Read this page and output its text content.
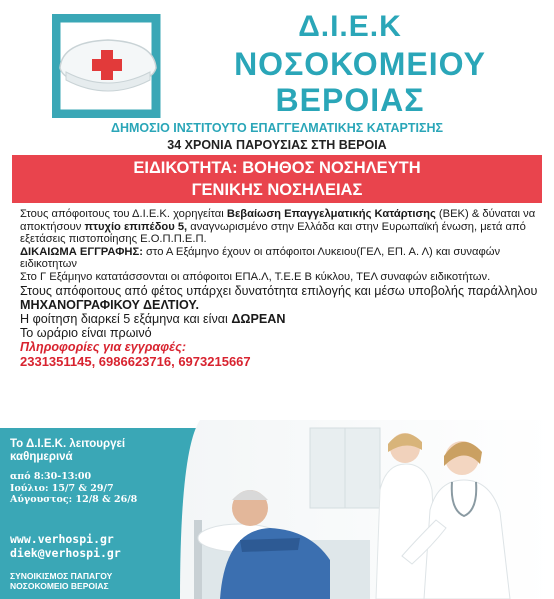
Δ.Ι.Ε.Κ
ΝΟΣΟΚΟΜΕΙΟΥ
ΒΕΡΟΙΑΣ
ΔΗΜΟΣΙΟ ΙΝΣΤΙΤΟΥΤΟ ΕΠΑΓΓΕΛΜΑΤΙΚΗΣ ΚΑΤΑΡΤΙΣΗΣ
34 ΧΡΟΝΙΑ ΠΑΡΟΥΣΙΑΣ ΣΤΗ ΒΕΡΟΙΑ
ΕΙΔΙΚΟΤΗΤΑ: ΒΟΗΘΟΣ ΝΟΣΗΛΕΥΤΗ
ΓΕΝΙΚΗΣ ΝΟΣΗΛΕΙΑΣ

Στους απόφοιτους του Δ.Ι.Ε.Κ. χορηγείται Βεβαίωση Επαγγελματικής Κατάρτισης (ΒΕΚ) & δύναται να αποκτήσουν πτυχίο επιπέδου 5, αναγνωρισμένο στην Ελλάδα και στην Ευρωπαϊκή ένωση, μετά από εξετάσεις πιστοποίησης Ε.Ο.Π.Π.Ε.Π.

ΔΙΚΑΙΩΜΑ ΕΓΓΡΑΦΗΣ: στο Α Εξάμηνο έχουν οι απόφοιτοι Λυκειου(ΓΕΛ, ΕΠ. Α. Λ) και συναφών ειδικοτητων

Στο Γ Εξάμηνο κατατάσσονται οι απόφοιτοι ΕΠΑ.Λ, Τ.Ε.Ε Β κύκλου, ΤΕΛ συναφών ειδικοτήτων.

Στους απόφοιτους από φέτος υπάρχει δυνατότητα επιλογής και μέσω υποβολής παράλληλου ΜΗΧΑΝΟΓΡΑΦΙΚΟΥ ΔΕΛΤΙΟΥ.

Η φοίτηση διαρκεί 5 εξάμηνα και είναι ΔΩΡΕΑΝ

Το ωράριο είναι πρωινό

Πληροφορίες για εγγραφές:

2331351145, 6986623716, 6973215667

Το Δ.Ι.Ε.Κ. λειτουργεί καθημερινά
από 8:30-13:00
Ιούλιο: 15/7 & 29/7
Αύγουστος: 12/8 & 26/8
www.verhospi.gr
diek@verhospi.gr
ΣΥΝΟΙΚΙΣΜΟΣ ΠΑΠΑΓΟΥ
ΝΟΣΟΚΟΜΕΙΟ ΒΕΡΟΙΑΣ
